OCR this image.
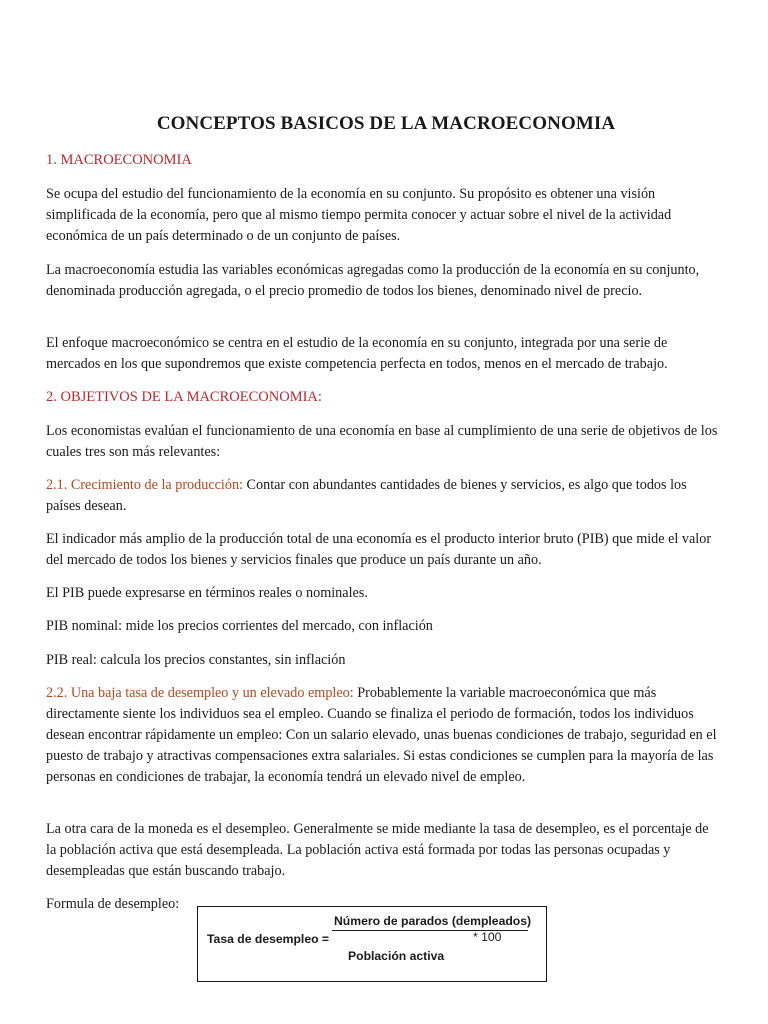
CONCEPTOS BASICOS DE LA MACROECONOMIA

1. MACROECONOMIA

Se ocupa del estudio del funcionamiento de la economía en su conjunto. Su propósito es obtener una visión simplificada de la economía, pero que al mismo tiempo permita conocer y actuar sobre el nivel de la actividad económica de un país determinado o de un conjunto de países.

La macroeconomía estudia las variables económicas agregadas como la producción de la economía en su conjunto, denominada producción agregada, o el precio promedio de todos los bienes, denominado nivel de precio.

El enfoque macroeconómico se centra en el estudio de la economía en su conjunto, integrada por una serie de mercados en los que supondremos que existe competencia perfecta en todos, menos en el mercado de trabajo.

2. OBJETIVOS DE LA MACROECONOMIA:

Los economistas evalúan el funcionamiento de una economía en base al cumplimiento de una serie de objetivos de los cuales tres son más relevantes:

2.1. Crecimiento de la producción: Contar con abundantes cantidades de bienes y servicios, es algo que todos los países desean.

El indicador más amplio de la producción total de una economía es el producto interior bruto (PIB) que mide el valor del mercado de todos los bienes y servicios finales que produce un país durante un año.

El PIB puede expresarse en términos reales o nominales.

PIB nominal: mide los precios corrientes del mercado, con inflación

PIB real: calcula los precios constantes, sin inflación

2.2. Una baja tasa de desempleo y un elevado empleo: Probablemente la variable macroeconómica que más directamente siente los individuos sea el empleo. Cuando se finaliza el periodo de formación, todos los individuos desean encontrar rápidamente un empleo: Con un salario elevado, unas buenas condiciones de trabajo, seguridad en el puesto de trabajo y atractivas compensaciones extra salariales. Si estas condiciones se cumplen para la mayoría de las personas en condiciones de trabajar, la economía tendrá un elevado nivel de empleo.

La otra cara de la moneda es el desempleo. Generalmente se mide mediante la tasa de desempleo, es el porcentaje de la población activa que está desempleada. La población activa está formada por todas las personas ocupadas y desempleadas que están buscando trabajo.

Formula de desempleo:

Número de parados (dempleados)
Tasa de desempleo =	* 100
Población activa
